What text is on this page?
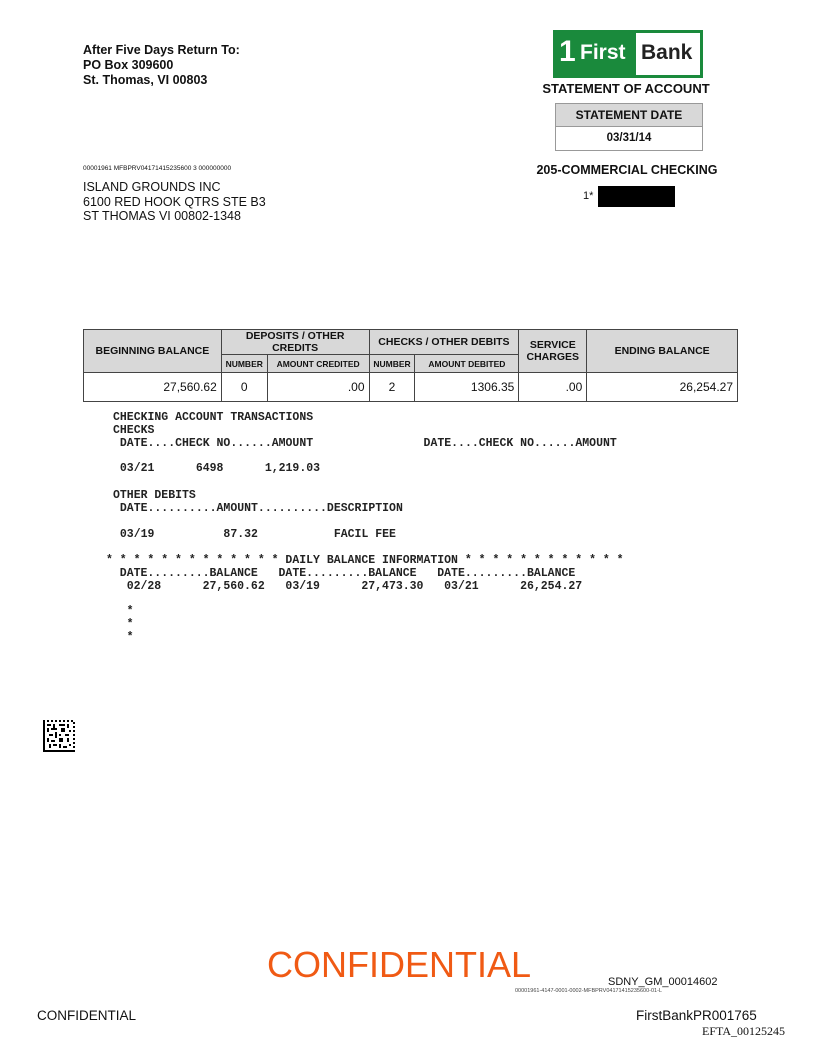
After Five Days Return To:
PO Box 309600
St. Thomas, VI 00803
1 First Bank
STATEMENT OF ACCOUNT
STATEMENT DATE
03/31/14
205-COMMERCIAL CHECKING
1*
00001961 MFBPRV04171415235600 3 000000000
ISLAND GROUNDS INC
6100 RED HOOK QTRS STE B3
ST THOMAS VI 00802-1348
BEGINNING BALANCE	DEPOSITS / OTHER CREDITS		CHECKS / OTHER DEBITS		SERVICE CHARGES	ENDING BALANCE
	NUMBER	AMOUNT CREDITED	NUMBER	AMOUNT DEBITED		
27,560.62	0	.00	2	1306.35	.00	26,254.27
CHECKING ACCOUNT TRANSACTIONS
CHECKS
DATE....CHECK NO......AMOUNT                DATE....CHECK NO......AMOUNT
03/21      6498      1,219.03
OTHER DEBITS
DATE..........AMOUNT..........DESCRIPTION
03/19          87.32           FACIL FEE
* * * * * * * * * * * * * DAILY BALANCE INFORMATION * * * * * * * * * * * *
DATE.........BALANCE   DATE.........BALANCE   DATE.........BALANCE
02/28      27,560.62   03/19      27,473.30   03/21      26,254.27
*
*
*
CONFIDENTIAL	SDNY_GM_00014602
00001961-4147-0001-0002-MFBPRV04171415235600-01-L
CONFIDENTIAL	FirstBankPR001765
EFTA_00125245
